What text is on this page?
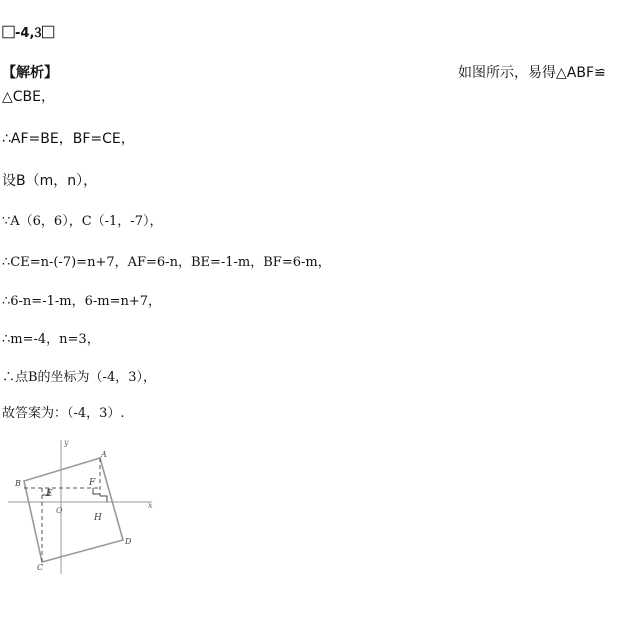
⃞-4,3⃞
【解析】	如图所示，易得△ABF≌
△CBE，
∴AF=BE，BF=CE，
设B（m，n），
∵A（6，6），C（-1，-7），
∴CE=n-(-7)=n+7，AF=6-n，BE=-1-m，BF=6-m，
∴6-n=-1-m，6-m=n+7，
∴m=-4，n=3，
∴点B的坐标为（-4，3），
故答案为：（-4，3）.
y
x
O
A
B
C
D
E
F
H
